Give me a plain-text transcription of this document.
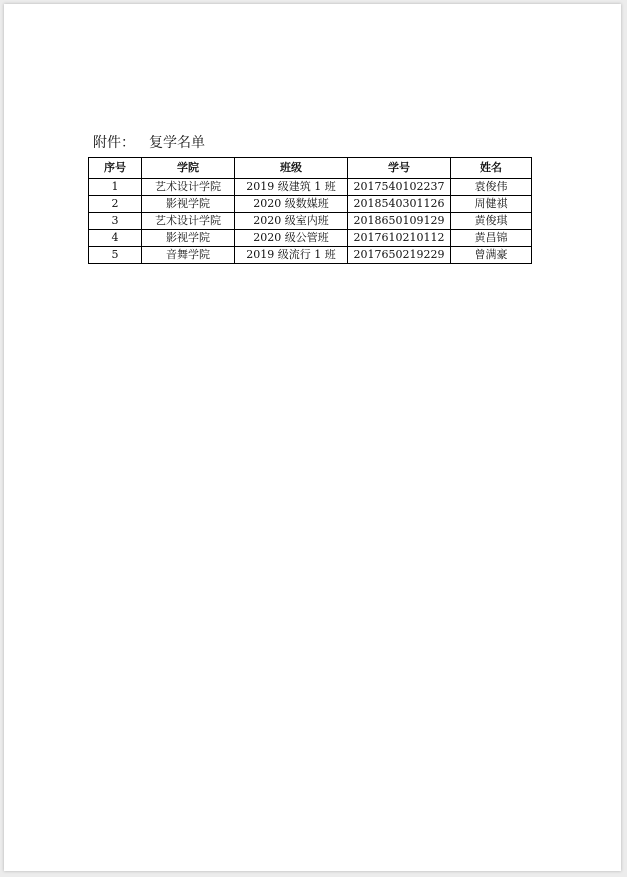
附件： 复学名单
序号	学院	班级	学号	姓名
1	艺术设计学院	2019 级建筑 1 班	2017540102237	袁俊伟
2	影视学院	2020 级数媒班	2018540301126	周健祺
3	艺术设计学院	2020 级室内班	2018650109129	黄俊琪
4	影视学院	2020 级公管班	2017610210112	黄昌锦
5	音舞学院	2019 级流行 1 班	2017650219229	曾满豪
